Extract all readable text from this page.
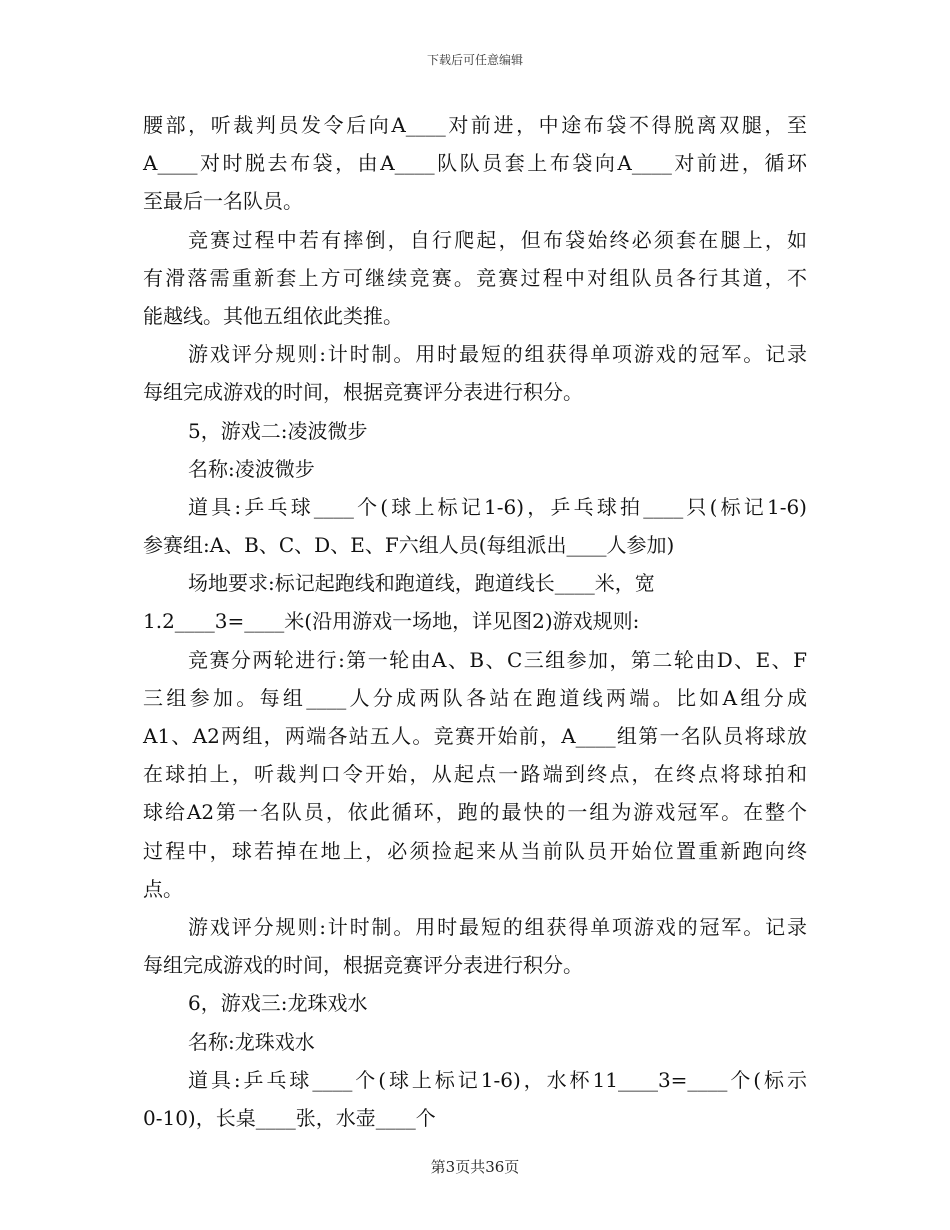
下载后可任意编辑
腰部，听裁判员发令后向A____对前进，中途布袋不得脱离双腿，至
A____对时脱去布袋，由A____队队员套上布袋向A____对前进，循环
至最后一名队员。
竞赛过程中若有摔倒，自行爬起，但布袋始终必须套在腿上，如
有滑落需重新套上方可继续竞赛。竞赛过程中对组队员各行其道，不
能越线。其他五组依此类推。
游戏评分规则:计时制。用时最短的组获得单项游戏的冠军。记录
每组完成游戏的时间，根据竞赛评分表进行积分。
5，游戏二:凌波微步
名称:凌波微步
道具:乒乓球____个(球上标记1-6)，乒乓球拍____只(标记1-6)
参赛组:A、B、C、D、E、F六组人员(每组派出____人参加)
场地要求:标记起跑线和跑道线，跑道线长____米，宽
1.2____3=____米(沿用游戏一场地，详见图2)游戏规则:
竞赛分两轮进行:第一轮由A、B、C三组参加，第二轮由D、E、F
三组参加。每组____人分成两队各站在跑道线两端。比如A组分成
A1、A2两组，两端各站五人。竞赛开始前，A____组第一名队员将球放
在球拍上，听裁判口令开始，从起点一路端到终点，在终点将球拍和
球给A2第一名队员，依此循环，跑的最快的一组为游戏冠军。在整个
过程中，球若掉在地上，必须捡起来从当前队员开始位置重新跑向终
点。
游戏评分规则:计时制。用时最短的组获得单项游戏的冠军。记录
每组完成游戏的时间，根据竞赛评分表进行积分。
6，游戏三:龙珠戏水
名称:龙珠戏水
道具:乒乓球____个(球上标记1-6)，水杯11____3=____个(标示
0-10)，长桌____张，水壶____个
第3页共36页
